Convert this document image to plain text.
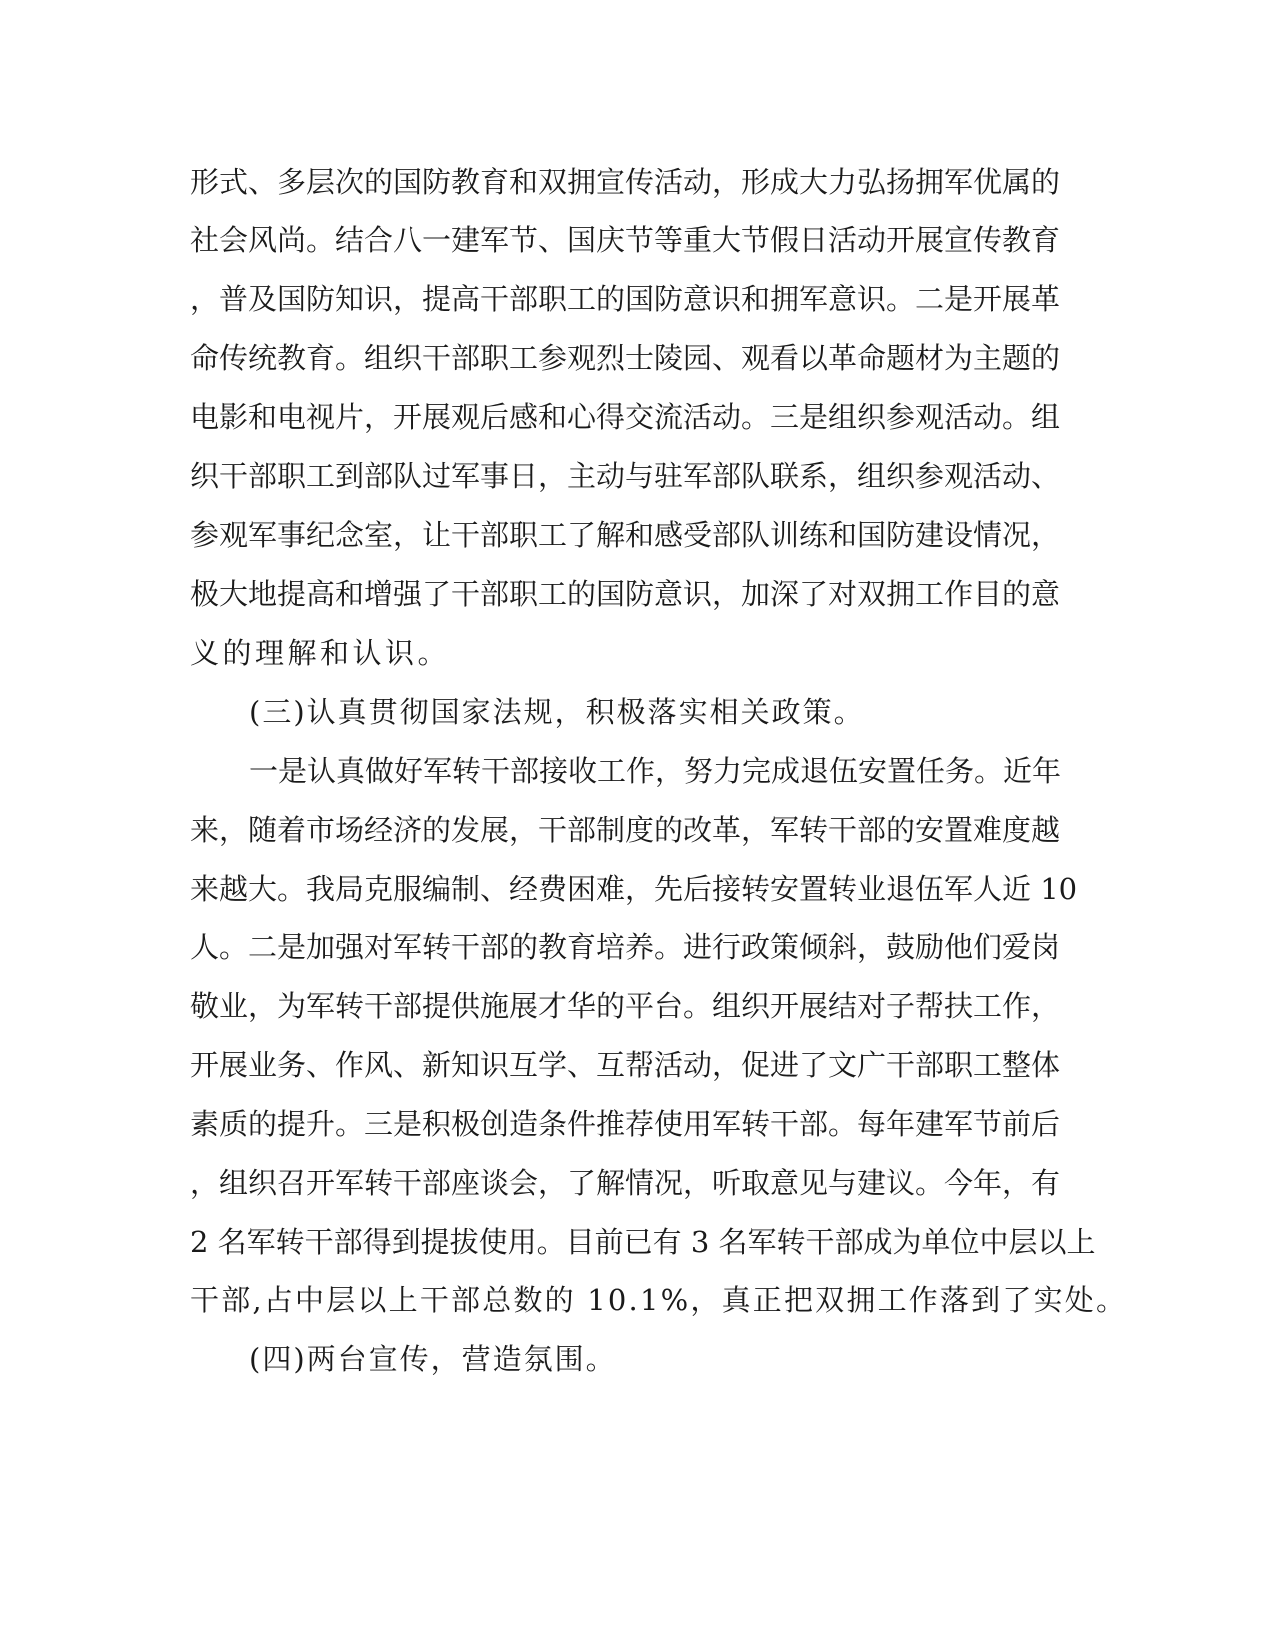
形式、多层次的国防教育和双拥宣传活动，形成大力弘扬拥军优属的
社会风尚。结合八一建军节、国庆节等重大节假日活动开展宣传教育
，普及国防知识，提高干部职工的国防意识和拥军意识。二是开展革
命传统教育。组织干部职工参观烈士陵园、观看以革命题材为主题的
电影和电视片，开展观后感和心得交流活动。三是组织参观活动。组
织干部职工到部队过军事日，主动与驻军部队联系，组织参观活动、
参观军事纪念室，让干部职工了解和感受部队训练和国防建设情况，
极大地提高和增强了干部职工的国防意识，加深了对双拥工作目的意
义的理解和认识。
(三)认真贯彻国家法规，积极落实相关政策。
一是认真做好军转干部接收工作，努力完成退伍安置任务。近年
来，随着市场经济的发展，干部制度的改革，军转干部的安置难度越
来越大。我局克服编制、经费困难，先后接转安置转业退伍军人近 10
人。二是加强对军转干部的教育培养。进行政策倾斜，鼓励他们爱岗
敬业，为军转干部提供施展才华的平台。组织开展结对子帮扶工作，
开展业务、作风、新知识互学、互帮活动，促进了文广干部职工整体
素质的提升。三是积极创造条件推荐使用军转干部。每年建军节前后
，组织召开军转干部座谈会，了解情况，听取意见与建议。今年，有
2 名军转干部得到提拔使用。目前已有 3 名军转干部成为单位中层以上
干部,占中层以上干部总数的 10.1%，真正把双拥工作落到了实处。
(四)两台宣传，营造氛围。
